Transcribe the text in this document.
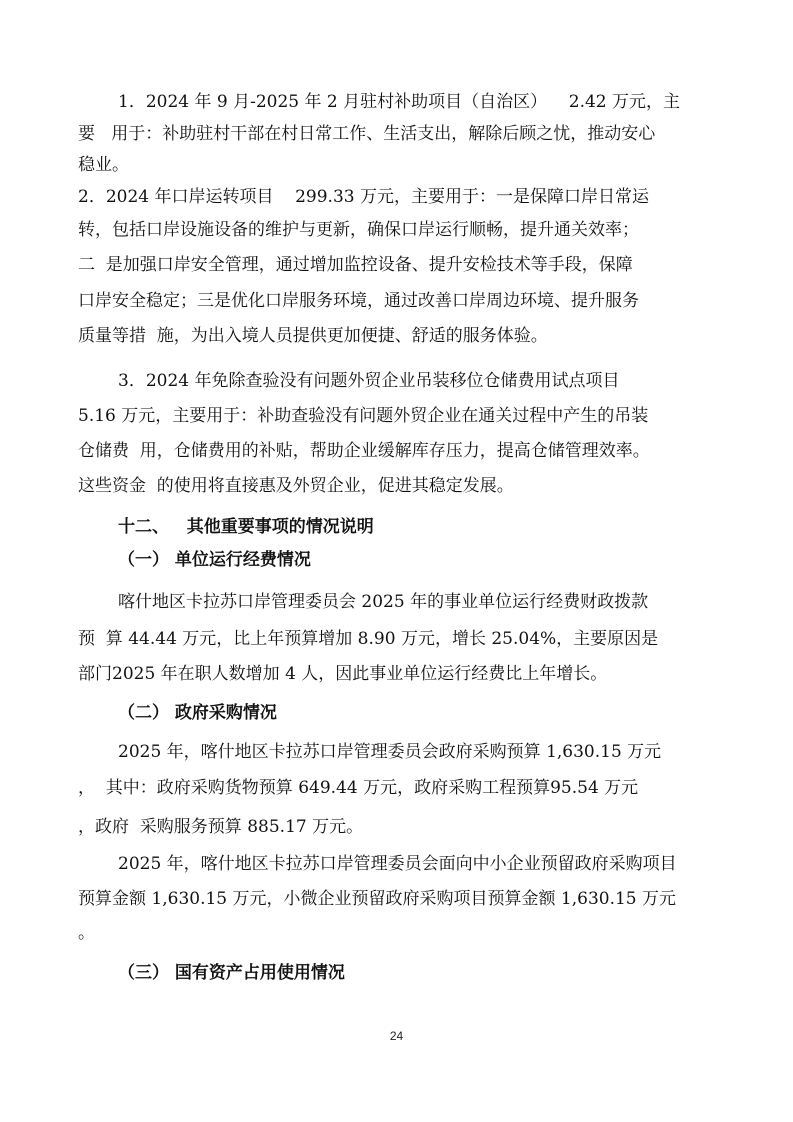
1．2024 年 9 月-2025 年 2 月驻村补助项目（自治区）    2.42 万元，主

要   用于：补助驻村干部在村日常工作、生活支出，解除后顾之忧，推动安心

稳业。

2．2024 年口岸运转项目    299.33 万元，主要用于：一是保障口岸日常运

转，包括口岸设施设备的维护与更新，确保口岸运行顺畅，提升通关效率；

二  是加强口岸安全管理，通过增加监控设备、提升安检技术等手段，保障

口岸安全稳定；三是优化口岸服务环境，通过改善口岸周边环境、提升服务

质量等措  施，为出入境人员提供更加便捷、舒适的服务体验。

3．2024 年免除查验没有问题外贸企业吊装移位仓储费用试点项目

5.16 万元，主要用于：补助查验没有问题外贸企业在通关过程中产生的吊装

仓储费  用，仓储费用的补贴，帮助企业缓解库存压力，提高仓储管理效率。

这些资金  的使用将直接惠及外贸企业，促进其稳定发展。

十二、   其他重要事项的情况说明

（一） 单位运行经费情况

喀什地区卡拉苏口岸管理委员会 2025 年的事业单位运行经费财政拨款

预  算 44.44 万元，比上年预算增加 8.90 万元，增长 25.04%，主要原因是

部门2025 年在职人数增加 4 人，因此事业单位运行经费比上年增长。

（二） 政府采购情况

2025 年，喀什地区卡拉苏口岸管理委员会政府采购预算 1,630.15 万元

，  其中：政府采购货物预算 649.44 万元，政府采购工程预算95.54 万元

，政府  采购服务预算 885.17 万元。

2025 年，喀什地区卡拉苏口岸管理委员会面向中小企业预留政府采购项目

预算金额 1,630.15 万元，小微企业预留政府采购项目预算金额 1,630.15 万元

。

（三） 国有资产占用使用情况

24
